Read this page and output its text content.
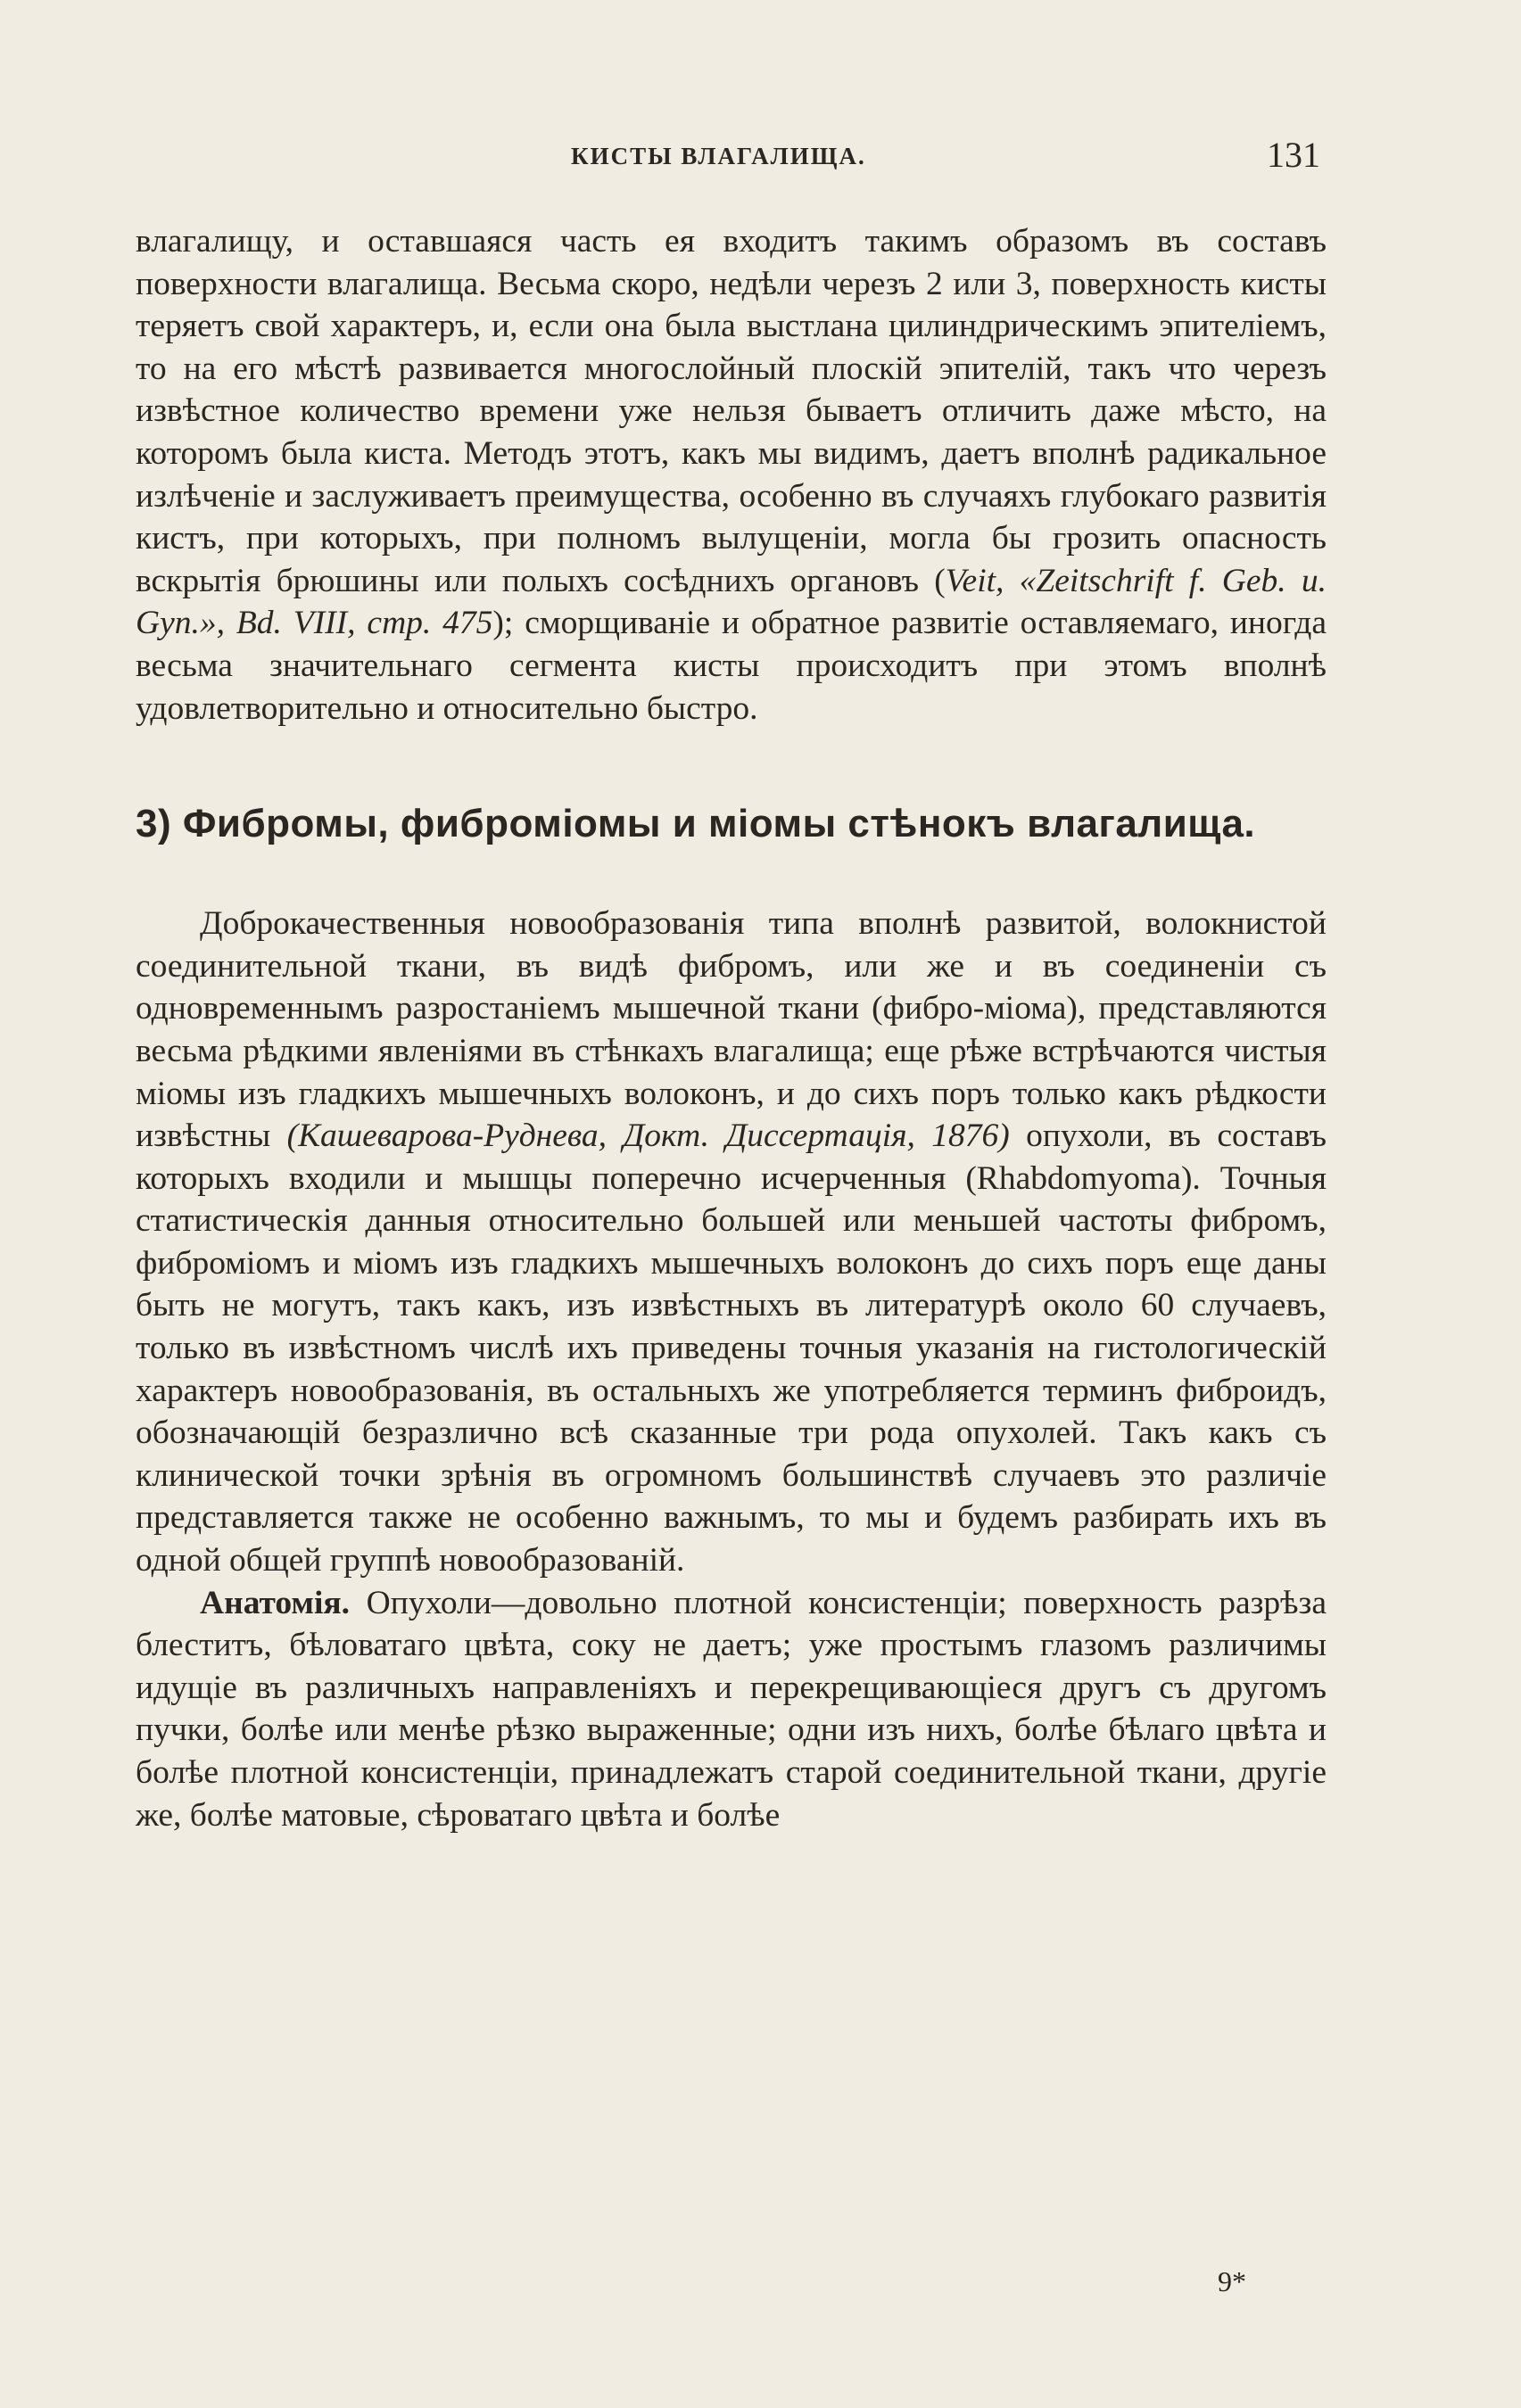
КИСТЫ ВЛАГАЛИЩА.	131

влагалищу, и оставшаяся часть ея входитъ такимъ образомъ въ составъ поверхности влагалища. Весьма скоро, недѣли черезъ 2 или 3, поверхность кисты теряетъ свой характеръ, и, если она была выстлана цилиндрическимъ эпителіемъ, то на его мѣстѣ развивается многослойный плоскій эпителій, такъ что черезъ извѣстное количество времени уже нельзя бываетъ отличить даже мѣсто, на которомъ была киста. Методъ этотъ, какъ мы видимъ, даетъ вполнѣ радикальное излѣченіе и заслуживаетъ преимущества, особенно въ случаяхъ глубокаго развитія кистъ, при которыхъ, при полномъ вылущеніи, могла бы грозить опасность вскрытія брюшины или полыхъ сосѣднихъ органовъ (Veit, «Zeitschrift f. Geb. u. Gyn.», Bd. VIII, стр. 475); сморщиваніе и обратное развитіе оставляемаго, иногда весьма значительнаго сегмента кисты происходитъ при этомъ вполнѣ удовлетворительно и относительно быстро.

3) Фибромы, фиброміомы и міомы стѣнокъ влагалища.

Доброкачественныя новообразованія типа вполнѣ развитой, волокнистой соединительной ткани, въ видѣ фибромъ, или же и въ соединеніи съ одновременнымъ разростаніемъ мышечной ткани (фибро-міома), представляются весьма рѣдкими явленіями въ стѣнкахъ влагалища; еще рѣже встрѣчаются чистыя міомы изъ гладкихъ мышечныхъ волоконъ, и до сихъ поръ только какъ рѣдкости извѣстны (Кашеварова-Руднева, Докт. Диссертація, 1876) опухоли, въ составъ которыхъ входили и мышцы поперечно исчерченныя (Rhabdomyoma). Точныя статистическія данныя относительно большей или меньшей частоты фибромъ, фиброміомъ и міомъ изъ гладкихъ мышечныхъ волоконъ до сихъ поръ еще даны быть не могутъ, такъ какъ, изъ извѣстныхъ въ литературѣ около 60 случаевъ, только въ извѣстномъ числѣ ихъ приведены точныя указанія на гистологическій характеръ новообразованія, въ остальныхъ же употребляется терминъ фиброидъ, обозначающій безразлично всѣ сказанные три рода опухолей. Такъ какъ съ клинической точки зрѣнія въ огромномъ большинствѣ случаевъ это различіе представляется также не особенно важнымъ, то мы и будемъ разбирать ихъ въ одной общей группѣ новообразованій.

Анатомія. Опухоли—довольно плотной консистенціи; поверхность разрѣза блеститъ, бѣловатаго цвѣта, соку не даетъ; уже простымъ глазомъ различимы идущіе въ различныхъ направленіяхъ и перекрещивающіеся другъ съ другомъ пучки, болѣе или менѣе рѣзко выраженные; одни изъ нихъ, болѣе бѣлаго цвѣта и болѣе плотной консистенціи, принадлежатъ старой соединительной ткани, другіе же, болѣе матовые, сѣроватаго цвѣта и болѣе

9*
